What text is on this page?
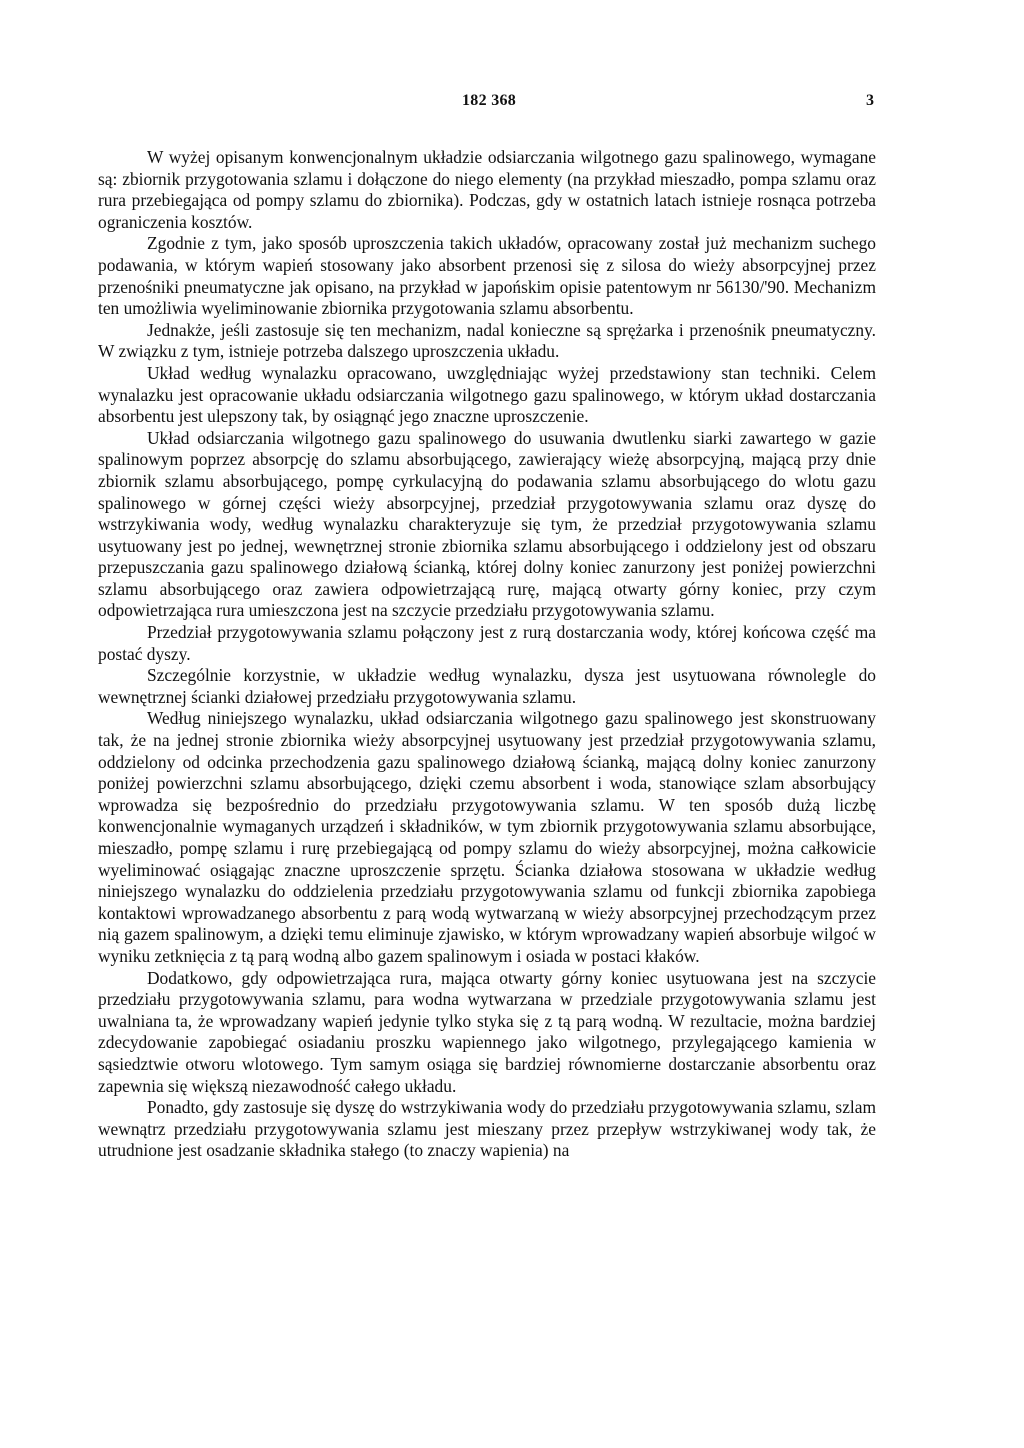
182 368	3

W wyżej opisanym konwencjonalnym układzie odsiarczania wilgotnego gazu spalinowego, wymagane są: zbiornik przygotowania szlamu i dołączone do niego elementy (na przykład mieszadło, pompa szlamu oraz rura przebiegająca od pompy szlamu do zbiornika). Podczas, gdy w ostatnich latach istnieje rosnąca potrzeba ograniczenia kosztów.

Zgodnie z tym, jako sposób uproszczenia takich układów, opracowany został już mechanizm suchego podawania, w którym wapień stosowany jako absorbent przenosi się z silosa do wieży absorpcyjnej przez przenośniki pneumatyczne jak opisano, na przykład w japońskim opisie patentowym nr 56130/'90. Mechanizm ten umożliwia wyeliminowanie zbiornika przygotowania szlamu absorbentu.

Jednakże, jeśli zastosuje się ten mechanizm, nadal konieczne są sprężarka i przenośnik pneumatyczny. W związku z tym, istnieje potrzeba dalszego uproszczenia układu.

Układ według wynalazku opracowano, uwzględniając wyżej przedstawiony stan techniki. Celem wynalazku jest opracowanie układu odsiarczania wilgotnego gazu spalinowego, w którym układ dostarczania absorbentu jest ulepszony tak, by osiągnąć jego znaczne uproszczenie.

Układ odsiarczania wilgotnego gazu spalinowego do usuwania dwutlenku siarki zawartego w gazie spalinowym poprzez absorpcję do szlamu absorbującego, zawierający wieżę absorpcyjną, mającą przy dnie zbiornik szlamu absorbującego, pompę cyrkulacyjną do podawania szlamu absorbującego do wlotu gazu spalinowego w górnej części wieży absorpcyjnej, przedział przygotowywania szlamu oraz dyszę do wstrzykiwania wody, według wynalazku charakteryzuje się tym, że przedział przygotowywania szlamu usytuowany jest po jednej, wewnętrznej stronie zbiornika szlamu absorbującego i oddzielony jest od obszaru przepuszczania gazu spalinowego działową ścianką, której dolny koniec zanurzony jest poniżej powierzchni szlamu absorbującego oraz zawiera odpowietrzającą rurę, mającą otwarty górny koniec, przy czym odpowietrzająca rura umieszczona jest na szczycie przedziału przygotowywania szlamu.

Przedział przygotowywania szlamu połączony jest z rurą dostarczania wody, której końcowa część ma postać dyszy.

Szczególnie korzystnie, w układzie według wynalazku, dysza jest usytuowana równolegle do wewnętrznej ścianki działowej przedziału przygotowywania szlamu.

Według niniejszego wynalazku, układ odsiarczania wilgotnego gazu spalinowego jest skonstruowany tak, że na jednej stronie zbiornika wieży absorpcyjnej usytuowany jest przedział przygotowywania szlamu, oddzielony od odcinka przechodzenia gazu spalinowego działową ścianką, mającą dolny koniec zanurzony poniżej powierzchni szlamu absorbującego, dzięki czemu absorbent i woda, stanowiące szlam absorbujący wprowadza się bezpośrednio do przedziału przygotowywania szlamu. W ten sposób dużą liczbę konwencjonalnie wymaganych urządzeń i składników, w tym zbiornik przygotowywania szlamu absorbujące, mieszadło, pompę szlamu i rurę przebiegającą od pompy szlamu do wieży absorpcyjnej, można całkowicie wyeliminować osiągając znaczne uproszczenie sprzętu. Ścianka działowa stosowana w układzie według niniejszego wynalazku do oddzielenia przedziału przygotowywania szlamu od funkcji zbiornika zapobiega kontaktowi wprowadzanego absorbentu z parą wodą wytwarzaną w wieży absorpcyjnej przechodzącym przez nią gazem spalinowym, a dzięki temu eliminuje zjawisko, w którym wprowadzany wapień absorbuje wilgoć w wyniku zetknięcia z tą parą wodną albo gazem spalinowym i osiada w postaci kłaków.

Dodatkowo, gdy odpowietrzająca rura, mająca otwarty górny koniec usytuowana jest na szczycie przedziału przygotowywania szlamu, para wodna wytwarzana w przedziale przygotowywania szlamu jest uwalniana ta, że wprowadzany wapień jedynie tylko styka się z tą parą wodną. W rezultacie, można bardziej zdecydowanie zapobiegać osiadaniu proszku wapiennego jako wilgotnego, przylegającego kamienia w sąsiedztwie otworu wlotowego. Tym samym osiąga się bardziej równomierne dostarczanie absorbentu oraz zapewnia się większą niezawodność całego układu.

Ponadto, gdy zastosuje się dyszę do wstrzykiwania wody do przedziału przygotowywania szlamu, szlam wewnątrz przedziału przygotowywania szlamu jest mieszany przez przepływ wstrzykiwanej wody tak, że utrudnione jest osadzanie składnika stałego (to znaczy wapienia) na
